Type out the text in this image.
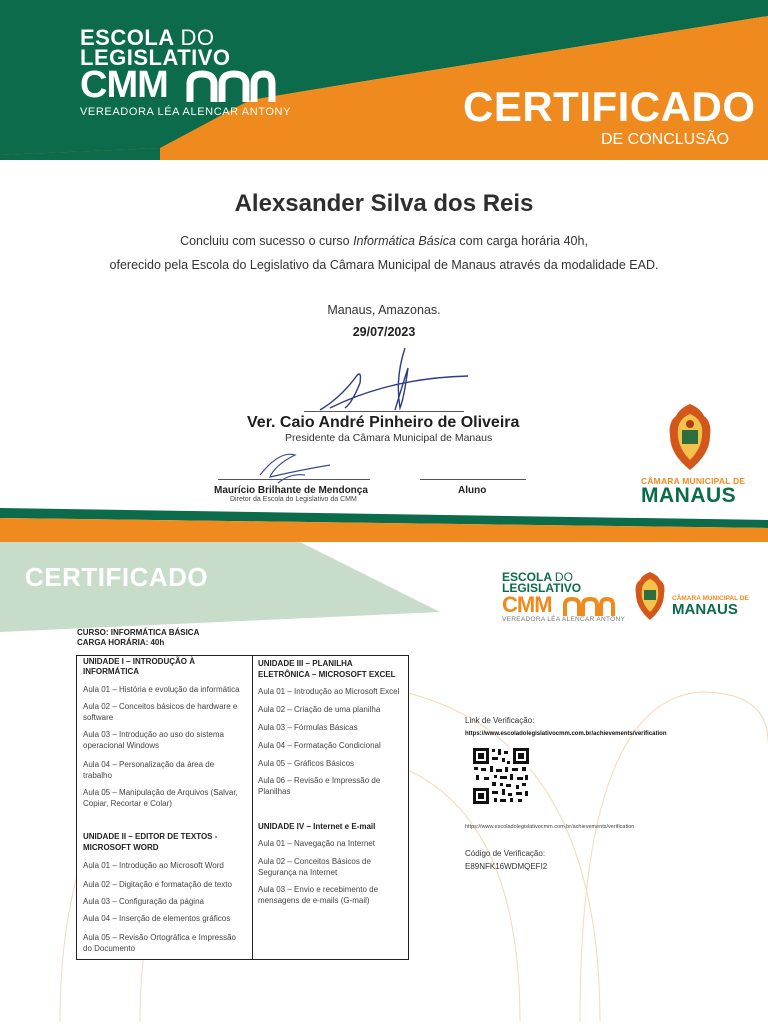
ESCOLA DO
LEGISLATIVO
CMM
VEREADORA LÉA ALENCAR ANTONY	CERTIFICADO
DE CONCLUSÃO
Alexsander Silva dos Reis
Concluiu com sucesso o curso Informática Básica com carga horária 40h,
oferecido pela Escola do Legislativo da Câmara Municipal de Manaus através da modalidade EAD.
Manaus, Amazonas.
29/07/2023
Ver. Caio André Pinheiro de Oliveira
Presidente da Câmara Municipal de Manaus
Maurício Brilhante de Mendonça
Diretor da Escola do Legislativo da CMM
Aluno
CÂMARA MUNICIPAL DE
MANAUS
CERTIFICADO	ESCOLA DO
LEGISLATIVO
CMM
VEREADORA LÉA ALENCAR ANTONY
CÂMARA MUNICIPAL DE
MANAUS
CURSO: INFORMÁTICA BÁSICA
CARGA HORÁRIA: 40h
UNIDADE I – INTRODUÇÃO À
INFORMÁTICA
Aula 01 – História e evolução da informática
Aula 02 – Conceitos básicos de hardware e
software
Aula 03 – Introdução ao uso do sistema
operacional Windows
Aula 04 – Personalização da área de
trabalho
Aula 05 – Manipulação de Arquivos (Salvar,
Copiar, Recortar e Colar)
UNIDADE II – EDITOR DE TEXTOS -
MICROSOFT WORD
Aula 01 – Introdução ao Microsoft Word
Aula 02 – Digitação e formatação de texto
Aula 03 – Configuração da página
Aula 04 – Inserção de elementos gráficos
Aula 05 – Revisão Ortográfica e Impressão
do Documento
UNIDADE III – PLANILHA
ELETRÔNICA – MICROSOFT EXCEL
Aula 01 – Introdução ao Microsoft Excel
Aula 02 – Criação de uma planilha
Aula 03 – Fórmulas Básicas
Aula 04 – Formatação Condicional
Aula 05 – Gráficos Básicos
Aula 06 – Revisão e Impressão de
Planilhas
UNIDADE IV – Internet e E-mail
Aula 01 – Navegação na Internet
Aula 02 – Conceitos Básicos de
Segurança na Internet
Aula 03 – Envio e recebimento de
mensagens de e-mails (G-mail)
Link de Verificação:
https://www.escoladolegislativocmm.com.br/achievements/verification
https://www.escoladolegislativocmm.com.br/achievements/verification
Código de Verificação:
E89NFK16WDMQEFI2
